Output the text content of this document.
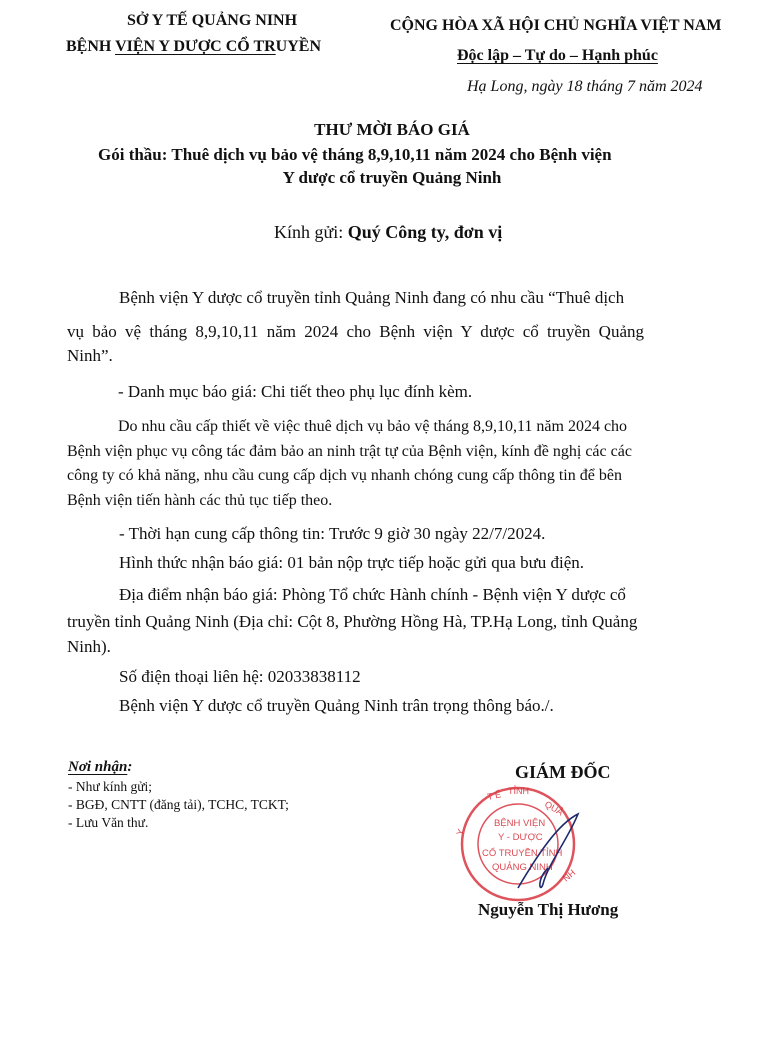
SỞ Y TẾ QUẢNG NINH
BỆNH VIỆN Y DƯỢC CỔ TRUYỀN
CỘNG HÒA XÃ HỘI CHỦ NGHĨA VIỆT NAM
Độc lập – Tự do – Hạnh phúc
Hạ Long, ngày 18 tháng 7 năm 2024
THƯ MỜI BÁO GIÁ
Gói thầu: Thuê dịch vụ bảo vệ tháng 8,9,10,11 năm 2024 cho Bệnh viện
Y dược cổ truyền Quảng Ninh
Kính gửi: Quý Công ty, đơn vị
Bệnh viện Y dược cổ truyền tỉnh Quảng Ninh đang có nhu cầu “Thuê dịch
vụ bảo vệ tháng 8,9,10,11 năm 2024 cho Bệnh viện Y dược cổ truyền Quảng
Ninh”.
- Danh mục báo giá: Chi tiết theo phụ lục đính kèm.
Do nhu cầu cấp thiết về việc thuê dịch vụ bảo vệ tháng 8,9,10,11 năm 2024 cho
Bệnh viện phục vụ công tác đảm bảo an ninh trật tự của Bệnh viện, kính đề nghị các các
công ty có khả năng, nhu cầu cung cấp dịch vụ nhanh chóng cung cấp thông tin để bên
Bệnh viện tiến hành các thủ tục tiếp theo.
- Thời hạn cung cấp thông tin: Trước 9 giờ 30 ngày 22/7/2024.
Hình thức nhận báo giá: 01 bản nộp trực tiếp hoặc gửi qua bưu điện.
Địa điểm nhận báo giá: Phòng Tổ chức Hành chính - Bệnh viện Y dược cổ
truyền tỉnh Quảng Ninh (Địa chỉ: Cột 8, Phường Hồng Hà, TP.Hạ Long, tỉnh Quảng
Ninh).
Số điện thoại liên hệ: 02033838112
Bệnh viện Y dược cổ truyền Quảng Ninh trân trọng thông báo./.
Nơi nhận:
- Như kính gửi;
- BGĐ, CNTT (đăng tải), TCHC, TCKT;
- Lưu Văn thư.
GIÁM ĐỐC
T Ế TỈNH
QUẢ
Y
NH
BỆNH VIỆN
Y - DƯỢC
CỔ TRUYỀN TỈNH
QUẢNG NINH
Nguyễn Thị Hương
